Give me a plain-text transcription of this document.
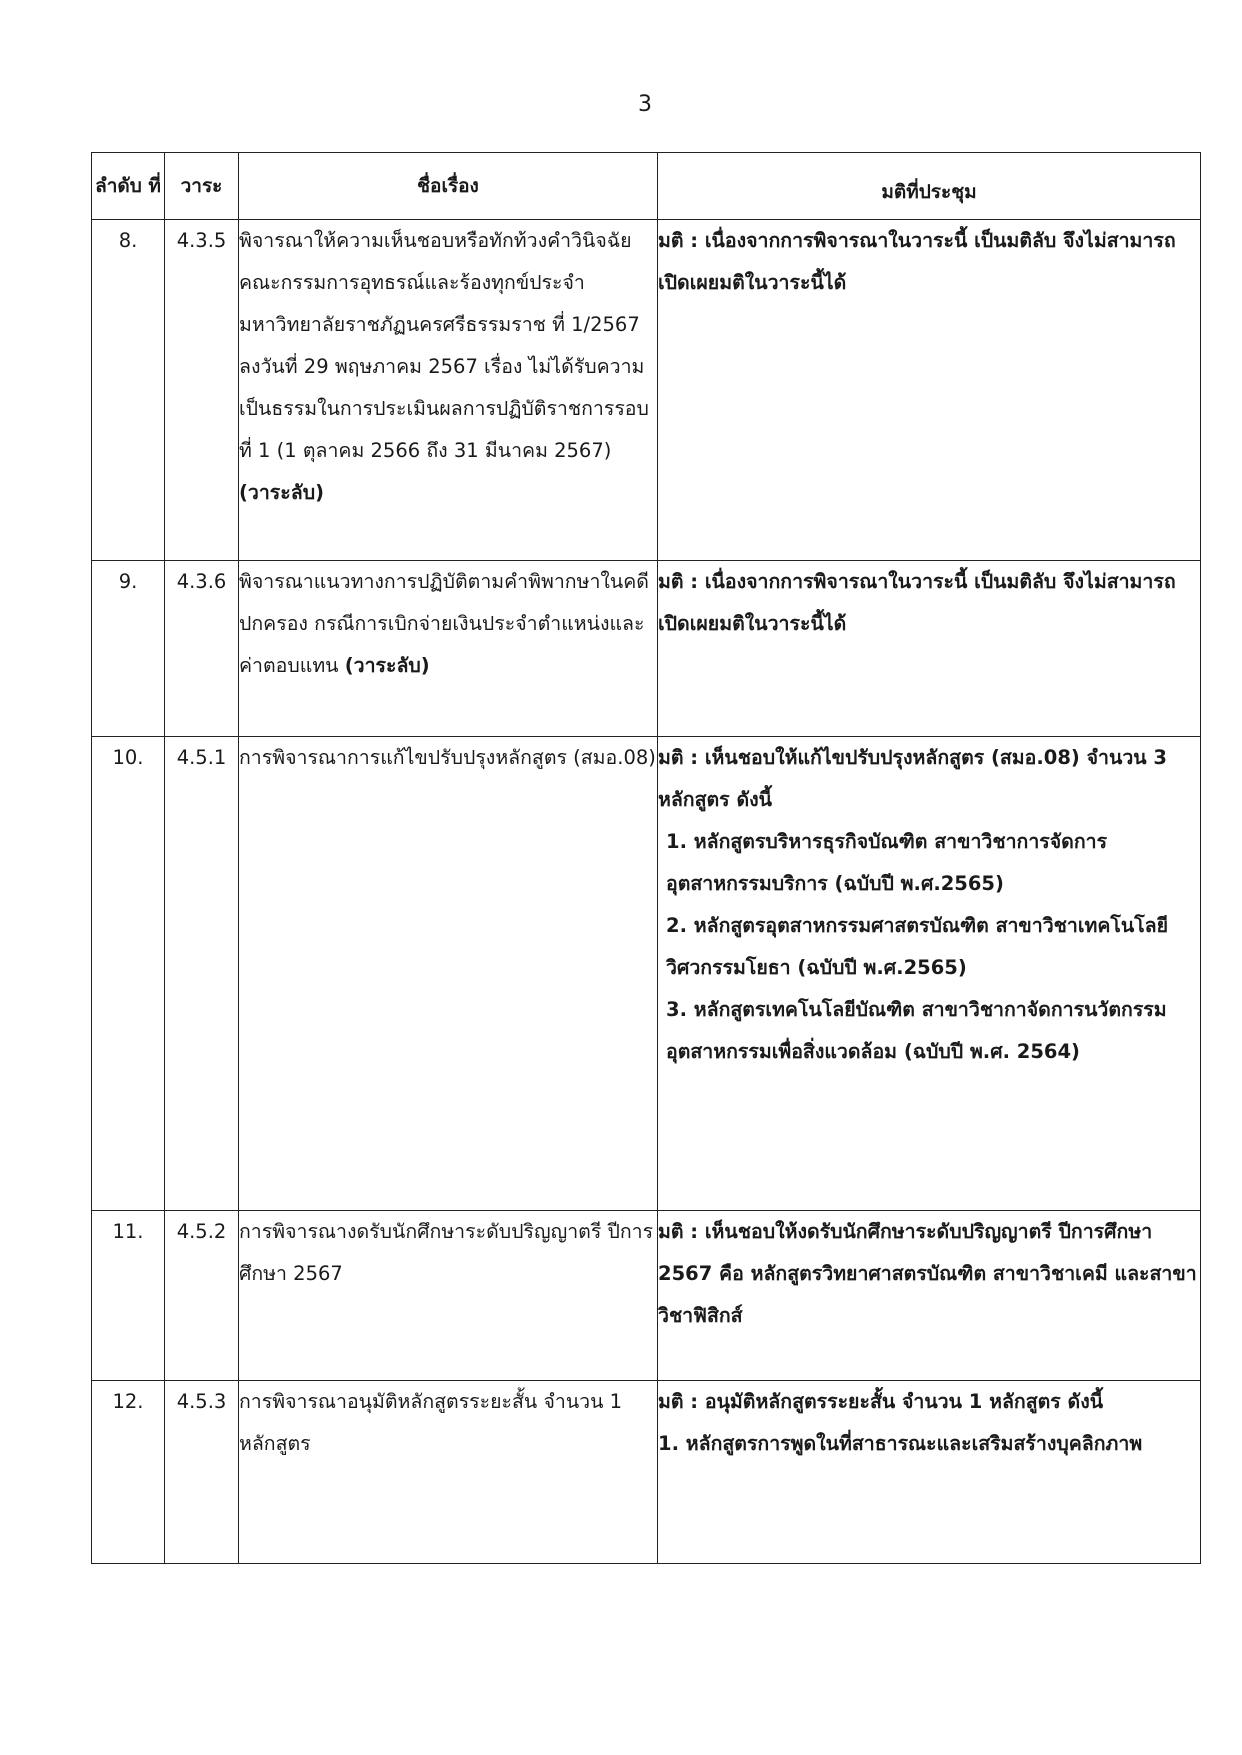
3
ลำดับ ที่	วาระ	ชื่อเรื่อง	มติที่ประชุม
8.	4.3.5	พิจารณาให้ความเห็นชอบหรือทักท้วงคำวินิจฉัยคณะกรรมการอุทธรณ์และร้องทุกข์ประจำมหาวิทยาลัยราชภัฏนครศรีธรรมราช ที่ 1/2567 ลงวันที่ 29 พฤษภาคม 2567 เรื่อง ไม่ได้รับความเป็นธรรมในการประเมินผลการปฏิบัติราชการรอบที่ 1 (1 ตุลาคม 2566 ถึง 31 มีนาคม 2567) (วาระลับ)	มติ : เนื่องจากการพิจารณาในวาระนี้ เป็นมติลับ จึงไม่สามารถเปิดเผยมติในวาระนี้ได้
9.	4.3.6	พิจารณาแนวทางการปฏิบัติตามคำพิพากษาในคดีปกครอง กรณีการเบิกจ่ายเงินประจำตำแหน่งและค่าตอบแทน (วาระลับ)	มติ : เนื่องจากการพิจารณาในวาระนี้ เป็นมติลับ จึงไม่สามารถเปิดเผยมติในวาระนี้ได้
10.	4.5.1	การพิจารณาการแก้ไขปรับปรุงหลักสูตร (สมอ.08)	มติ : เห็นชอบให้แก้ไขปรับปรุงหลักสูตร (สมอ.08) จำนวน 3 หลักสูตร ดังนี้
1. หลักสูตรบริหารธุรกิจบัณฑิต สาขาวิชาการจัดการอุตสาหกรรมบริการ (ฉบับปี พ.ศ.2565)
2. หลักสูตรอุตสาหกรรมศาสตรบัณฑิต สาขาวิชาเทคโนโลยีวิศวกรรมโยธา (ฉบับปี พ.ศ.2565)
3. หลักสูตรเทคโนโลยีบัณฑิต สาขาวิชากาจัดการนวัตกรรมอุตสาหกรรมเพื่อสิ่งแวดล้อม (ฉบับปี พ.ศ. 2564)

11.	4.5.2	การพิจารณางดรับนักศึกษาระดับปริญญาตรี ปีการศึกษา 2567	มติ : เห็นชอบให้งดรับนักศึกษาระดับปริญญาตรี ปีการศึกษา 2567 คือ หลักสูตรวิทยาศาสตรบัณฑิต สาขาวิชาเคมี และสาขาวิชาฟิสิกส์
12.	4.5.3	การพิจารณาอนุมัติหลักสูตรระยะสั้น จำนวน 1 หลักสูตร	มติ : อนุมัติหลักสูตรระยะสั้น จำนวน 1 หลักสูตร ดังนี้
1. หลักสูตรการพูดในที่สาธารณะและเสริมสร้างบุคลิกภาพ
